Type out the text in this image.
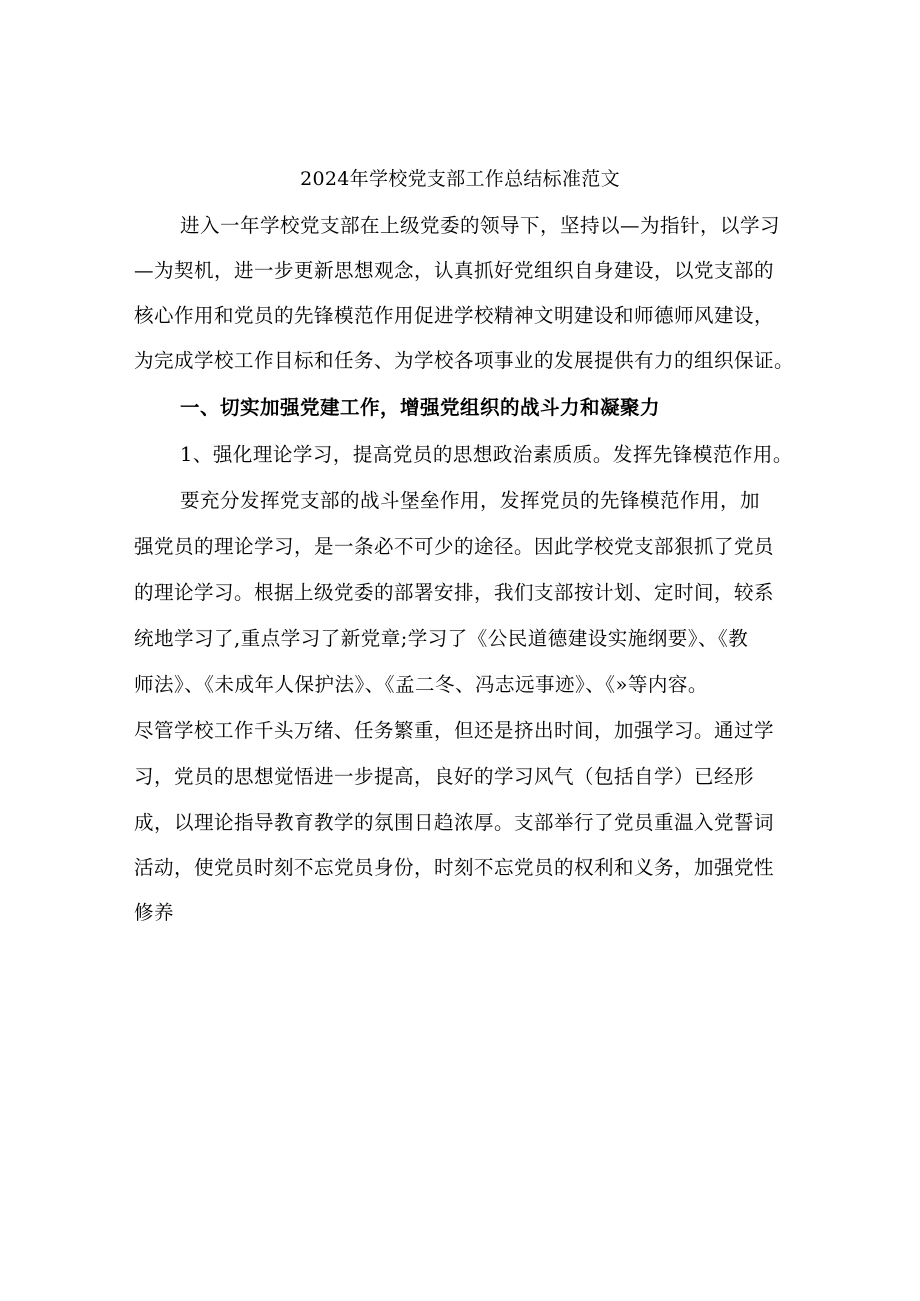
2024年学校党支部工作总结标准范文
进入一年学校党支部在上级党委的领导下，坚持以—为指针，以学习
—为契机，进一步更新思想观念，认真抓好党组织自身建设，以党支部的
核心作用和党员的先锋模范作用促进学校精神文明建设和师德师风建设，
为完成学校工作目标和任务、为学校各项事业的发展提供有力的组织保证。
一、切实加强党建工作，增强党组织的战斗力和凝聚力
1、强化理论学习，提高党员的思想政治素质质。发挥先锋模范作用。
要充分发挥党支部的战斗堡垒作用，发挥党员的先锋模范作用，加
强党员的理论学习，是一条必不可少的途径。因此学校党支部狠抓了党员
的理论学习。根据上级党委的部署安排，我们支部按计划、定时间，较系
统地学习了,重点学习了新党章;学习了《公民道德建设实施纲要》、《教
师法》、《未成年人保护法》、《孟二冬、冯志远事迹》、《»等内容。
尽管学校工作千头万绪、任务繁重，但还是挤出时间，加强学习。通过学
习，党员的思想觉悟进一步提高，良好的学习风气（包括自学）已经形
成，以理论指导教育教学的氛围日趋浓厚。支部举行了党员重温入党誓词
活动，使党员时刻不忘党员身份，时刻不忘党员的权利和义务，加强党性
修养
